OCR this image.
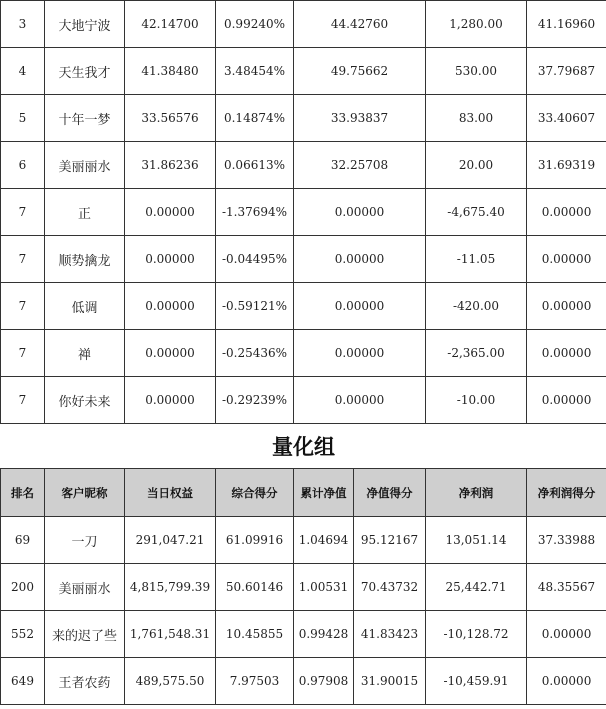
3	大地宁波	42.14700	0.99240%	44.42760		1,280.00	41.16960
4	天生我才	41.38480	3.48454%	49.75662		530.00	37.79687
5	十年一梦	33.56576	0.14874%	33.93837		83.00	33.40607
6	美丽丽水	31.86236	0.06613%	32.25708		20.00	31.69319
7	正	0.00000	-1.37694%	0.00000		-4,675.40	0.00000
7	顺势擒龙	0.00000	-0.04495%	0.00000		-11.05	0.00000
7	低调	0.00000	-0.59121%	0.00000		-420.00	0.00000
7	禅	0.00000	-0.25436%	0.00000		-2,365.00	0.00000
7	你好未来	0.00000	-0.29239%	0.00000		-10.00	0.00000
量化组							
排名	客户昵称	当日权益	综合得分	累计净值	净值得分	净利润	净利润得分
69	一刀	291,047.21	61.09916	1.04694	95.12167	13,051.14	37.33988
200	美丽丽水	4,815,799.39	50.60146	1.00531	70.43732	25,442.71	48.35567
552	来的迟了些	1,761,548.31	10.45855	0.99428	41.83423	-10,128.72	0.00000
649	王者农药	489,575.50	7.97503	0.97908	31.90015	-10,459.91	0.00000
